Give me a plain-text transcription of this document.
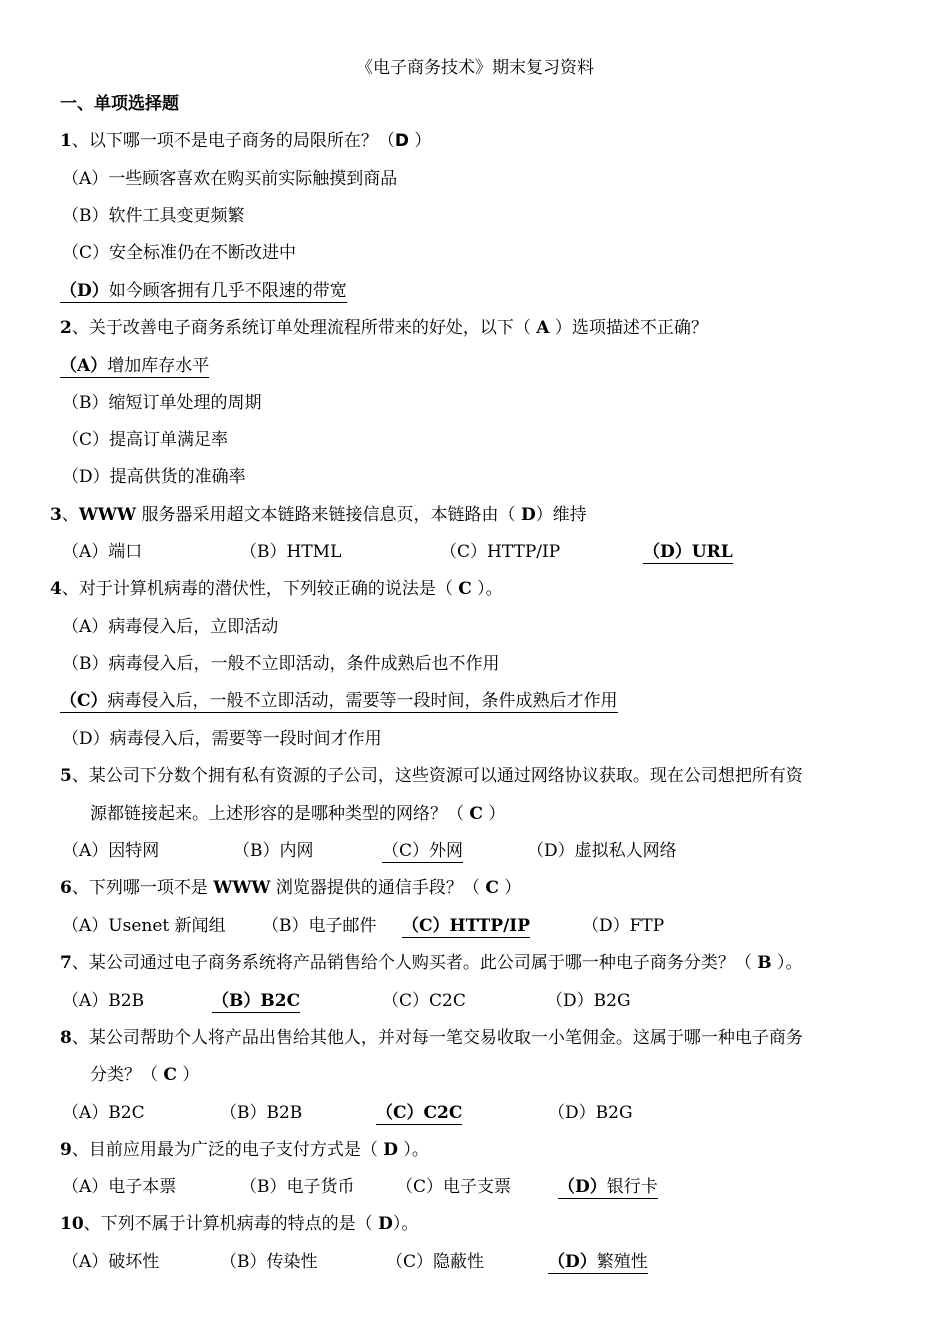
《电子商务技术》期末复习资料
一、单项选择题
1、以下哪一项不是电子商务的局限所在？（D ）
（A）一些顾客喜欢在购买前实际触摸到商品
（B）软件工具变更频繁
（C）安全标准仍在不断改进中
（D）如今顾客拥有几乎不限速的带宽
2、关于改善电子商务系统订单处理流程所带来的好处，以下（ A ）选项描述不正确？
（A）增加库存水平
（B）缩短订单处理的周期
（C）提高订单满足率
（D）提高供货的准确率
3、WWW 服务器采用超文本链路来链接信息页，本链路由（ D）维持
（A）端口	（B）HTML	（C）HTTP/IP	（D）URL
4、对于计算机病毒的潜伏性，下列较正确的说法是（ C ）。
（A）病毒侵入后，立即活动
（B）病毒侵入后，一般不立即活动，条件成熟后也不作用
（C）病毒侵入后，一般不立即活动，需要等一段时间，条件成熟后才作用
（D）病毒侵入后，需要等一段时间才作用
5、某公司下分数个拥有私有资源的子公司，这些资源可以通过网络协议获取。现在公司想把所有资
源都链接起来。上述形容的是哪种类型的网络？（ C ）
（A）因特网	（B）内网	（C）外网	（D）虚拟私人网络
6、下列哪一项不是 WWW 浏览器提供的通信手段？（ C ）
（A）Usenet 新闻组 （B）电子邮件 （C）HTTP/IP	（D）FTP
7、某公司通过电子商务系统将产品销售给个人购买者。此公司属于哪一种电子商务分类？（ B ）。
（A）B2B	（B）B2C	（C）C2C	（D）B2G
8、某公司帮助个人将产品出售给其他人，并对每一笔交易收取一小笔佣金。这属于哪一种电子商务
分类？（ C ）
（A）B2C	（B）B2B	（C）C2C	（D）B2G
9、目前应用最为广泛的电子支付方式是（ D ）。
（A）电子本票	（B）电子货币 （C）电子支票	（D）银行卡
10、下列不属于计算机病毒的特点的是（ D）。
（A）破坏性	（B）传染性	（C）隐蔽性	（D）繁殖性
